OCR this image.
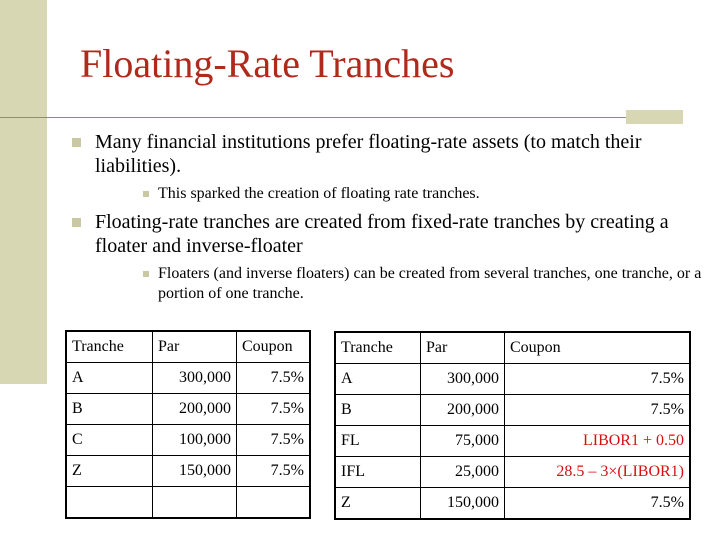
Floating-Rate Tranches
Many financial institutions prefer floating-rate assets (to match their liabilities).
This sparked the creation of floating rate tranches.
Floating-rate tranches are created from fixed-rate tranches by creating a floater and inverse-floater
Floaters (and inverse floaters) can be created from several tranches, one tranche, or a portion of one tranche.
Tranche	Par	Coupon
A	300,000	7.5%
B	200,000	7.5%
C	100,000	7.5%
Z	150,000	7.5%

Tranche	Par	Coupon
A	300,000	7.5%
B	200,000	7.5%
FL	75,000	LIBOR1 + 0.50
IFL	25,000	28.5 – 3×(LIBOR1)
Z	150,000	7.5%
